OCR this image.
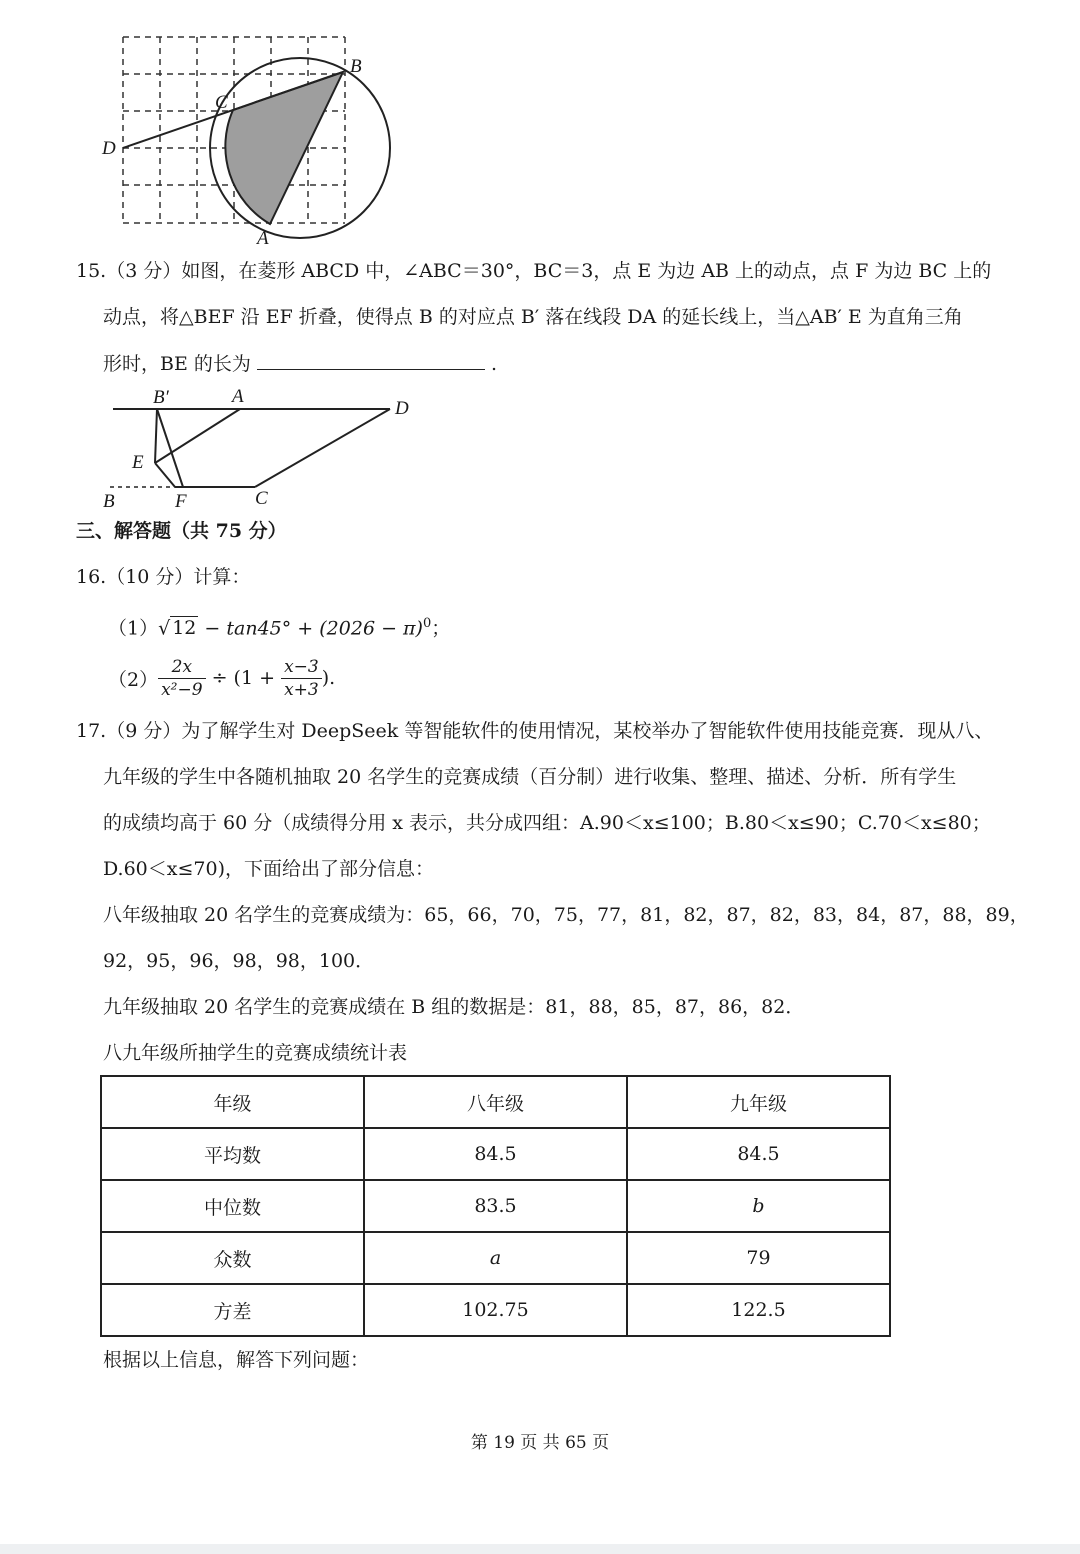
B
C
D
A
15.（3 分）如图，在菱形 ABCD 中，∠ABC＝30°，BC＝3，点 E 为边 AB 上的动点，点 F 为边 BC 上的
动点，将△BEF 沿 EF 折叠，使得点 B 的对应点 B′ 落在线段 DA 的延长线上，当△AB′ E 为直角三角
形时，BE 的长为	.
B′	A
D
E
B	F	C
三、解答题（共 75 分）
16.（10 分）计算：
（1）√ $12 - \tan 45^\circ + (2026 - \pi)^0$；
$(2) \frac{2x}{\text{x²−9}} \div (1 + \frac{x-3}{x+3}$ ).
17.（9 分）为了解学生对 DeepSeek 等智能软件的使用情况，某校举办了智能软件使用技能竞赛．现从八、
九年级的学生中各随机抽取 20 名学生的竞赛成绩（百分制）进行收集、整理、描述、分析．所有学生
的成绩均高于 60 分（成绩得分用 x 表示，共分成四组：A.90＜x≤100；B.80＜x≤90；C.70＜x≤80；
D.60＜x≤70)，下面给出了部分信息：
八年级抽取 20 名学生的竞赛成绩为：65，66，70，75，77，81，82，87，82，83，84，87，88，89，
92，95，96，98，98，100．
九年级抽取 20 名学生的竞赛成绩在 B 组的数据是：81，88，85，87，86，82．
八九年级所抽学生的竞赛成绩统计表
年级	八年级	九年级
平均数	84.5	84.5
中位数	83.5	b
众数	a	79
方差	102.75	122.5
根据以上信息，解答下列问题：
第 19 页 共 65 页
